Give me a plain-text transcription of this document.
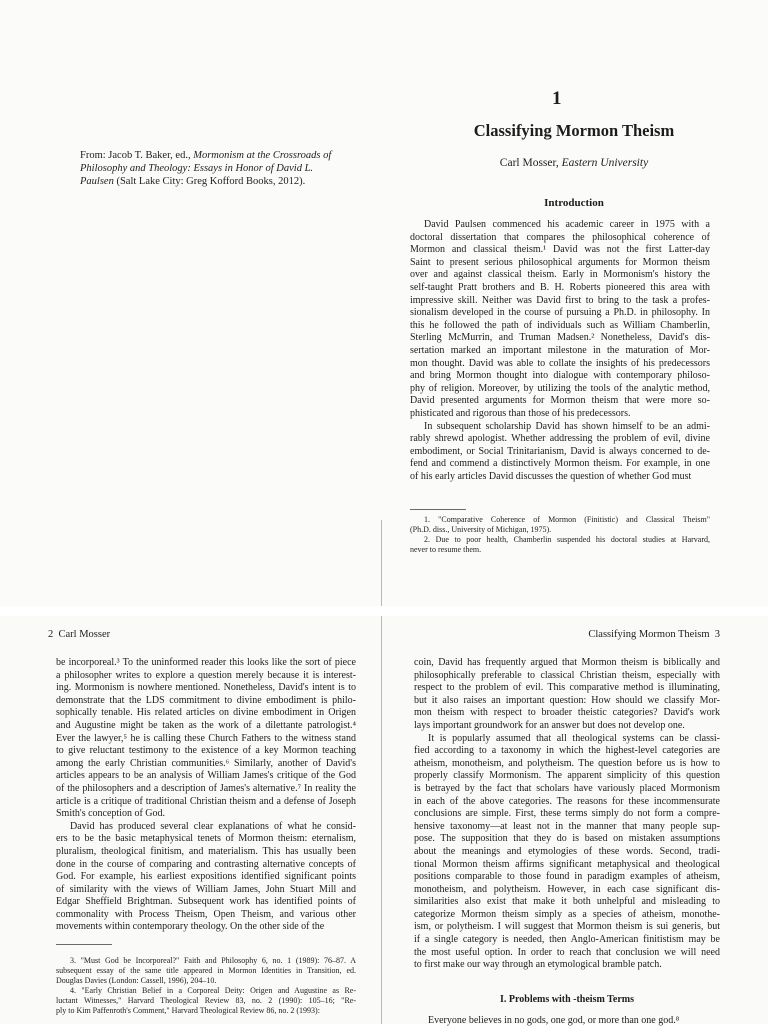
From: Jacob T. Baker, ed., Mormonism at the Crossroads of
Philosophy and Theology: Essays in Honor of David L.
Paulsen (Salt Lake City: Greg Kofford Books, 2012).
1
Classifying Mormon Theism
Carl Mosser, Eastern University
Introduction
David Paulsen commenced his academic career in 1975 with a
doctoral dissertation that compares the philosophical coherence of
Mormon and classical theism.¹ David was not the first Latter-day
Saint to present serious philosophical arguments for Mormon theism
over and against classical theism. Early in Mormonism's history the
self-taught Pratt brothers and B. H. Roberts pioneered this area with
impressive skill. Neither was David first to bring to the task a profes-
sionalism developed in the course of pursuing a Ph.D. in philosophy. In
this he followed the path of individuals such as William Chamberlin,
Sterling McMurrin, and Truman Madsen.² Nonetheless, David's dis-
sertation marked an important milestone in the maturation of Mor-
mon thought. David was able to collate the insights of his predecessors
and bring Mormon thought into dialogue with contemporary philoso-
phy of religion. Moreover, by utilizing the tools of the analytic method,
David presented arguments for Mormon theism that were more so-
phisticated and rigorous than those of his predecessors.
In subsequent scholarship David has shown himself to be an admi-
rably shrewd apologist. Whether addressing the problem of evil, divine
embodiment, or Social Trinitarianism, David is always concerned to de-
fend and commend a distinctively Mormon theism. For example, in one
of his early articles David discusses the question of whether God must
1. "Comparative Coherence of Mormon (Finitistic) and Classical Theism"
(Ph.D. diss., University of Michigan, 1975).
2. Due to poor health, Chamberlin suspended his doctoral studies at Harvard,
never to resume them.
2 Carl Mosser	Classifying Mormon Theism 3
be incorporeal.³ To the uninformed reader this looks like the sort of piece
a philosopher writes to explore a question merely because it is interest-
ing. Mormonism is nowhere mentioned. Nonetheless, David's intent is to
demonstrate that the LDS commitment to divine embodiment is philo-
sophically tenable. His related articles on divine embodiment in Origen
and Augustine might be taken as the work of a dilettante patrologist.⁴
Ever the lawyer,⁵ he is calling these Church Fathers to the witness stand
to give reluctant testimony to the existence of a key Mormon teaching
among the early Christian communities.⁶ Similarly, another of David's
articles appears to be an analysis of William James's critique of the God
of the philosophers and a description of James's alternative.⁷ In reality the
article is a critique of traditional Christian theism and a defense of Joseph
Smith's conception of God.
David has produced several clear explanations of what he consid-
ers to be the basic metaphysical tenets of Mormon theism: eternalism,
pluralism, theological finitism, and materialism. This has usually been
done in the course of comparing and contrasting alternative concepts of
God. For example, his earliest expositions identified significant points
of similarity with the views of William James, John Stuart Mill and
Edgar Sheffield Brightman. Subsequent work has identified points of
commonality with Process Theism, Open Theism, and various other
movements within contemporary theology. On the other side of the
3. "Must God be Incorporeal?" Faith and Philosophy 6, no. 1 (1989): 76–87. A
subsequent essay of the same title appeared in Mormon Identities in Transition, ed.
Douglas Davies (London: Cassell, 1996), 204–10.
4. "Early Christian Belief in a Corporeal Deity: Origen and Augustine as Re-
luctant Witnesses," Harvard Theological Review 83, no. 2 (1990): 105–16; "Re-
ply to Kim Paffenroth's Comment," Harvard Theological Review 86, no. 2 (1993):
coin, David has frequently argued that Mormon theism is biblically and
philosophically preferable to classical Christian theism, especially with
respect to the problem of evil. This comparative method is illuminating,
but it also raises an important question: How should we classify Mor-
mon theism with respect to broader theistic categories? David's work
lays important groundwork for an answer but does not develop one.
It is popularly assumed that all theological systems can be classi-
fied according to a taxonomy in which the highest-level categories are
atheism, monotheism, and polytheism. The question before us is how to
properly classify Mormonism. The apparent simplicity of this question
is betrayed by the fact that scholars have variously placed Mormonism
in each of the above categories. The reasons for these incommensurate
conclusions are simple. First, these terms simply do not form a compre-
hensive taxonomy—at least not in the manner that many people sup-
pose. The supposition that they do is based on mistaken assumptions
about the meanings and etymologies of these words. Second, tradi-
tional Mormon theism affirms significant metaphysical and theological
positions comparable to those found in paradigm examples of atheism,
monotheism, and polytheism. However, in each case significant dis-
similarities also exist that make it both unhelpful and misleading to
categorize Mormon theism simply as a species of atheism, monothe-
ism, or polytheism. I will suggest that Mormon theism is sui generis, but
if a single category is needed, then Anglo-American finitistism may be
the most useful option. In order to reach that conclusion we will need
to first make our way through an etymological bramble patch.
I. Problems with -theism Terms
Everyone believes in no gods, one god, or more than one god.⁸
